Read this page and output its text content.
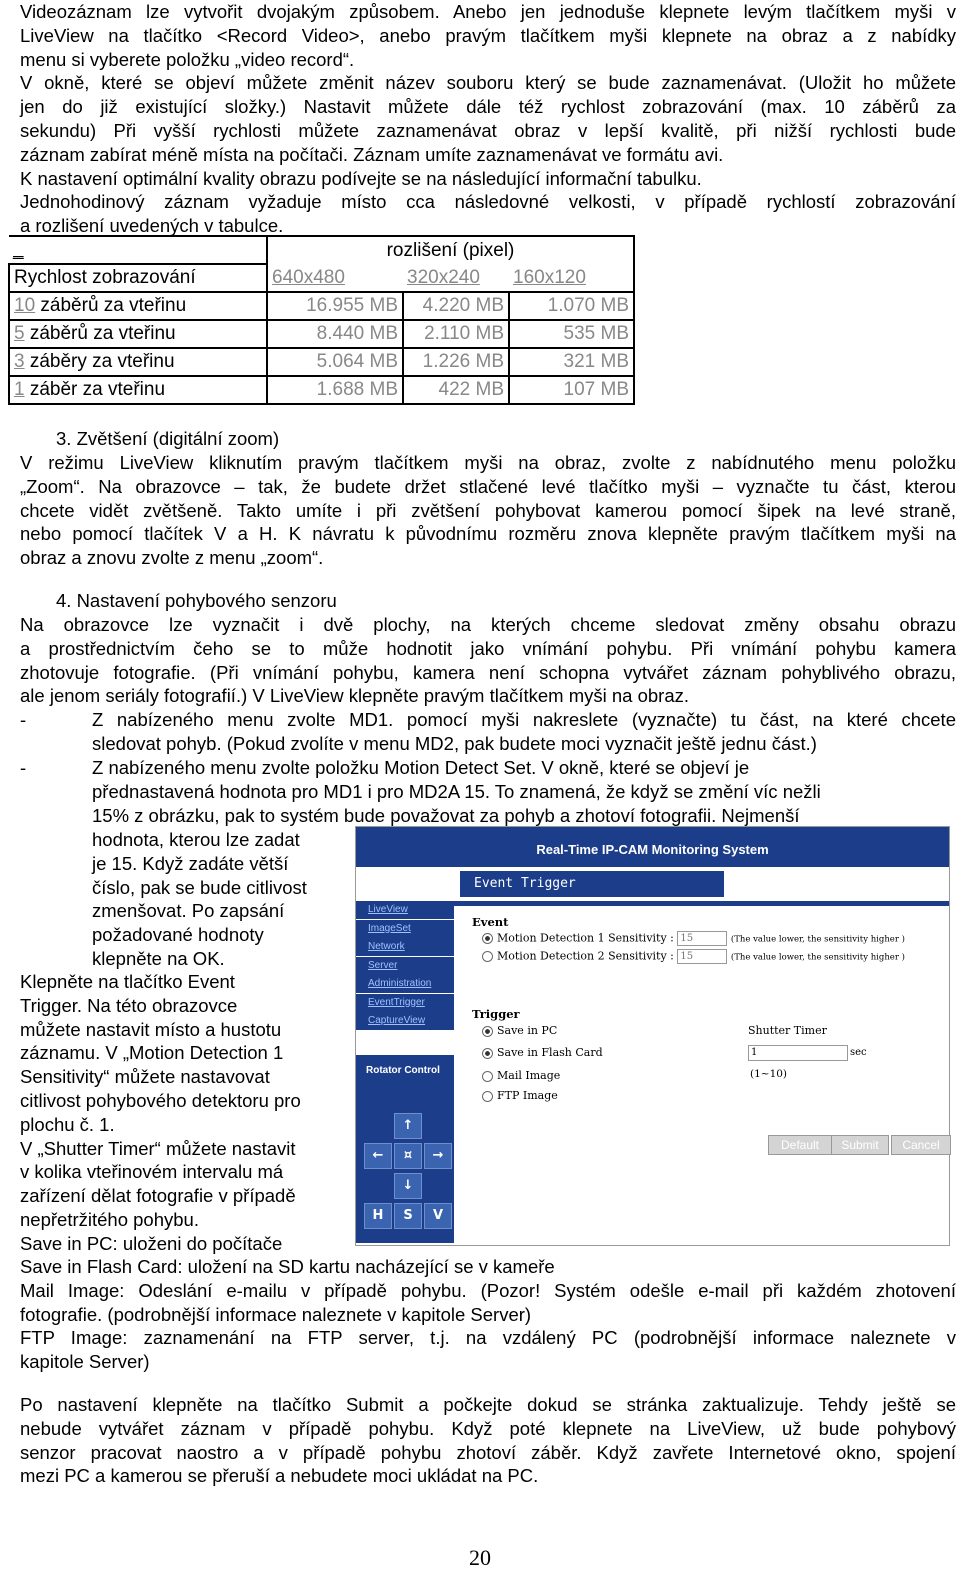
Videozáznam lze vytvořit dvojakým způsobem. Anebo jen jednoduše klepnete levým tlačítkem myši v
LiveView na tlačítko <Record Video>, anebo pravým tlačítkem myši klepnete na obraz a z nabídky
menu si vyberete položku „video record“.
V okně, které se objeví můžete změnit název souboru který se bude zaznamenávat. (Uložit ho můžete
jen do již existující složky.) Nastavit můžete dále též rychlost zobrazování (max. 10 záběrů za
sekundu) Při vyšší rychlosti můžete zaznamenávat obraz v lepší kvalitě, při nižší rychlosti bude
záznam zabírat méně místa na počítači. Záznam umíte zaznamenávat ve formátu avi.
K nastavení optimální kvality obrazu podívejte se na následující informační tabulku.
Jednohodinový záznam vyžaduje místo cca následovné velkosti, v případě rychlostí zobrazování
a rozlišení uvedených v tabulce.
_	rozlišení (pixel)		
Rychlost zobrazování	640x480	320x240	160x120
10 záběrů za vteřinu	16.955 MB	4.220 MB	1.070 MB
5 záběrů za vteřinu	8.440 MB	2.110 MB	535 MB
3 záběry za vteřinu	5.064 MB	1.226 MB	321 MB
1 záběr za vteřinu	1.688 MB	422 MB	107 MB
3. Zvětšení (digitální zoom)
V režimu LiveView kliknutím pravým tlačítkem myši na obraz, zvolte z nabídnutého menu položku
„Zoom“. Na obrazovce – tak, že budete držet stlačené levé tlačítko myši – vyznačte tu část, kterou
chcete vidět zvětšeně. Takto umíte i při zvětšení pohybovat kamerou pomocí šipek na levé straně,
nebo pomocí tlačítek V a H. K návratu k původnímu rozměru znova klepněte pravým tlačítkem myši na
obraz a znovu zvolte z menu „zoom“.
4. Nastavení pohybového senzoru
Na obrazovce lze vyznačit i dvě plochy, na kterých chceme sledovat změny obsahu obrazu
a prostřednictvím čeho se to může hodnotit jako vnímání pohybu. Při vnímání pohybu kamera
zhotovuje fotografie. (Při vnímání pohybu, kamera není schopna vytvářet záznam pohyblivého obrazu,
ale jenom seriály fotografií.) V LiveView klepněte pravým tlačítkem myši na obraz.
-	Z nabízeného menu zvolte MD1. pomocí myši nakreslete (vyznačte) tu část, na které chcete
sledovat pohyb. (Pokud zvolíte v menu MD2, pak budete moci vyznačit ještě jednu část.)
-	Z nabízeného menu zvolte položku Motion Detect Set. V okně, které se objeví je
přednastavená hodnota pro MD1 i pro MD2A 15. To znamená, že když se změní víc nežli
15% z obrázku, pak to systém bude považovat za pohyb a zhotoví fotografii. Nejmenší
hodnota, kterou lze zadat
je 15. Když zadáte větší
číslo, pak se bude citlivost
zmenšovat. Po zapsání
požadované hodnoty
klepněte na OK.
Klepněte na tlačítko Event
Trigger. Na této obrazovce
můžete nastavit místo a hustotu
záznamu. V „Motion Detection 1
Sensitivity“ můžete nastavovat
citlivost pohybového detektoru pro
plochu č. 1.
V „Shutter Timer“ můžete nastavit
v kolika vteřinovém intervalu má
zařízení dělat fotografie v případě
nepřetržitého pohybu.
Save in PC: uloženi do počítače
Save in Flash Card: uložení na SD kartu nacházející se v kameře
Mail Image: Odeslání e-mailu v případě pohybu. (Pozor! Systém odešle e-mail při každém zhotovení
fotografie. (podrobnější informace naleznete v kapitole Server)
FTP Image: zaznamenání na FTP server, t.j. na vzdálený PC (podrobnější informace naleznete v
kapitole Server)
Po nastavení klepněte na tlačítko Submit a počkejte dokud se stránka zaktualizuje. Tehdy ještě se
nebude vytvářet záznam v případě pohybu. Když poté klepnete na LiveView, už bude pohybový
senzor pracovat naostro a v případě pohybu zhotoví záběr. Když zavřete Internetové okno, spojení
mezi PC a kamerou se přeruší a nebudete moci ukládat na PC.
Real-Time IP-CAM Monitoring System
Event Trigger
LiveView
ImageSet
Network
Server
Administration
EventTrigger
CaptureView
Rotator Control
↑
←	¤	→
↓
H	S	V
Event
Motion Detection 1 Sensitivity : 15	(The value lower, the sensitivity higher )
Motion Detection 2 Sensitivity : 15	(The value lower, the sensitivity higher )
Trigger
Save in PC
Save in Flash Card
Mail Image
FTP Image
Shutter Timer
1	sec
(1~10)
Default	Submit	Cancel
20
